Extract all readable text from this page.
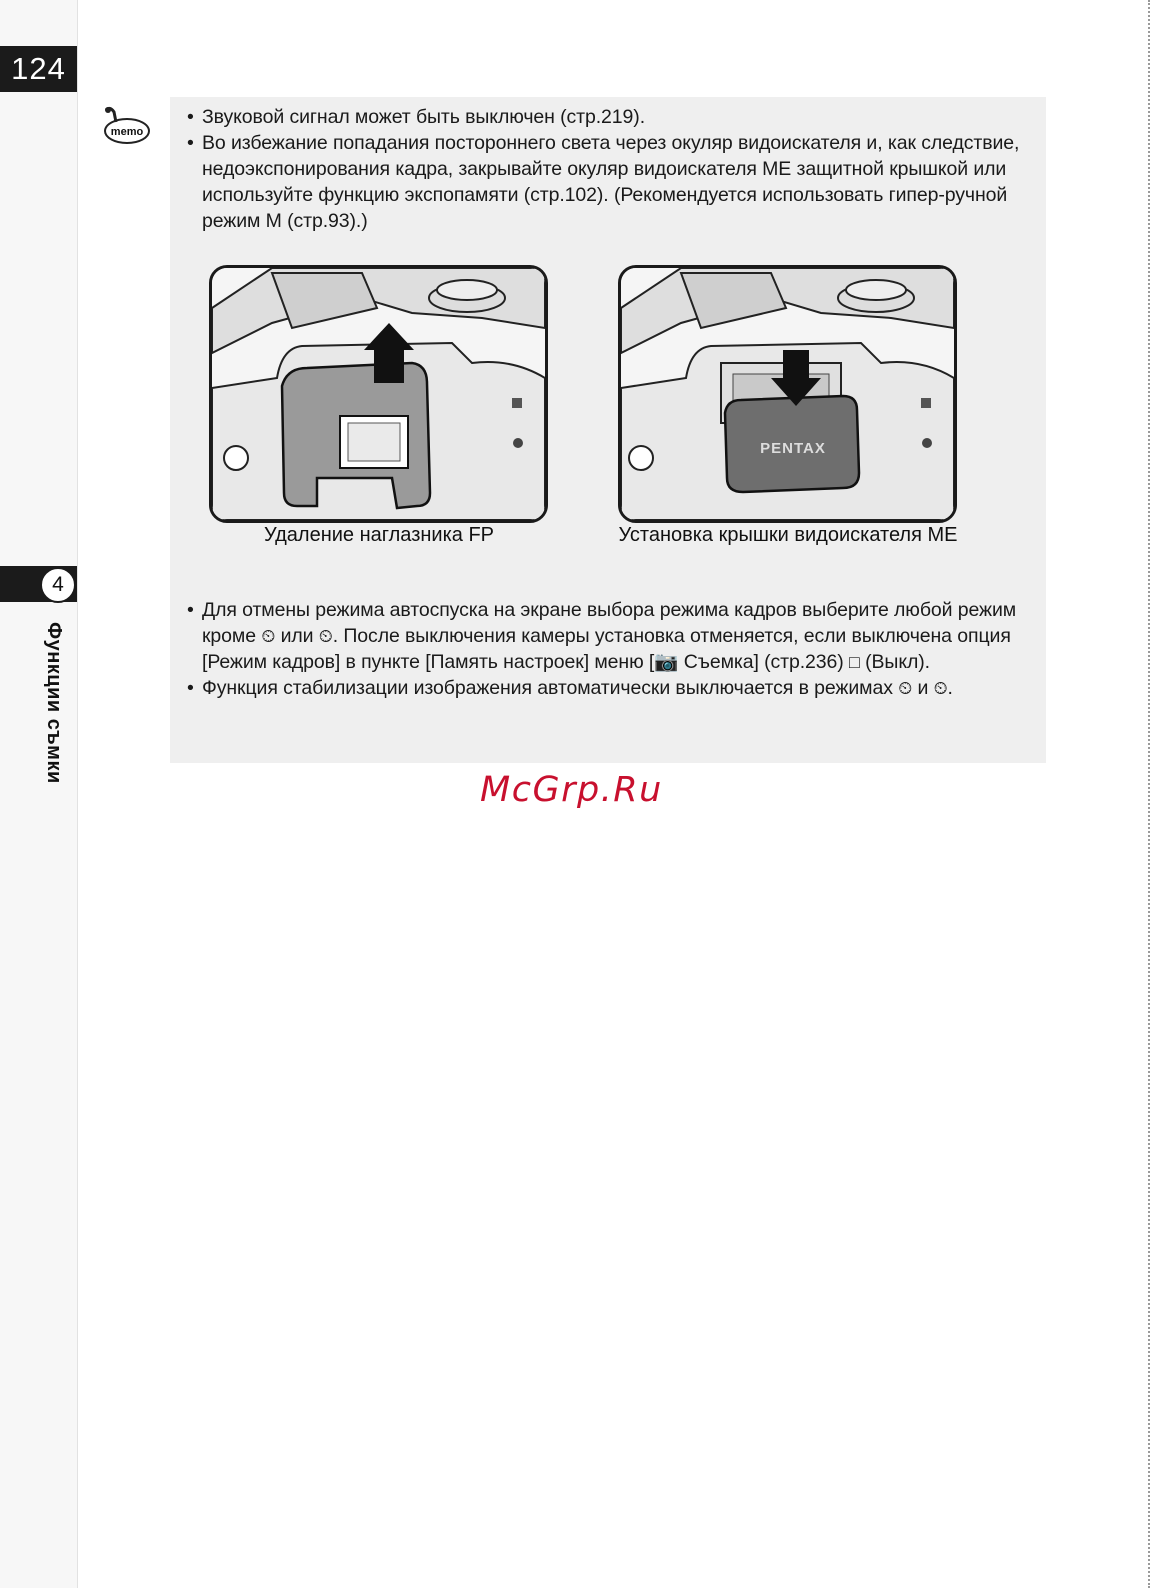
124
4
Функции съмки
memo
• Звуковой сигнал может быть выключен (стр.219).
• Во избежание попадания постороннего света через окуляр видоискателя и, как следствие, недоэкспонирования кадра, закрывайте окуляр видоискателя ME защитной крышкой или используйте функцию экспопамяти (стр.102). (Рекомендуется использовать гипер-ручной режим M (стр.93).)
Удаление наглазника FP
PENTAX
Установка крышки видоискателя ME
• Для отмены режима автоспуска на экране выбора режима кадров выберите любой режим кроме ⏲ или ⏲. После выключения камеры установка отменяется, если выключена опция [Режим кадров] в пункте [Память настроек] меню [📷 Съемка] (стр.236) □ (Выкл).
• Функция стабилизации изображения автоматически выключается в режимах ⏲ и ⏲.
McGrp.Ru
